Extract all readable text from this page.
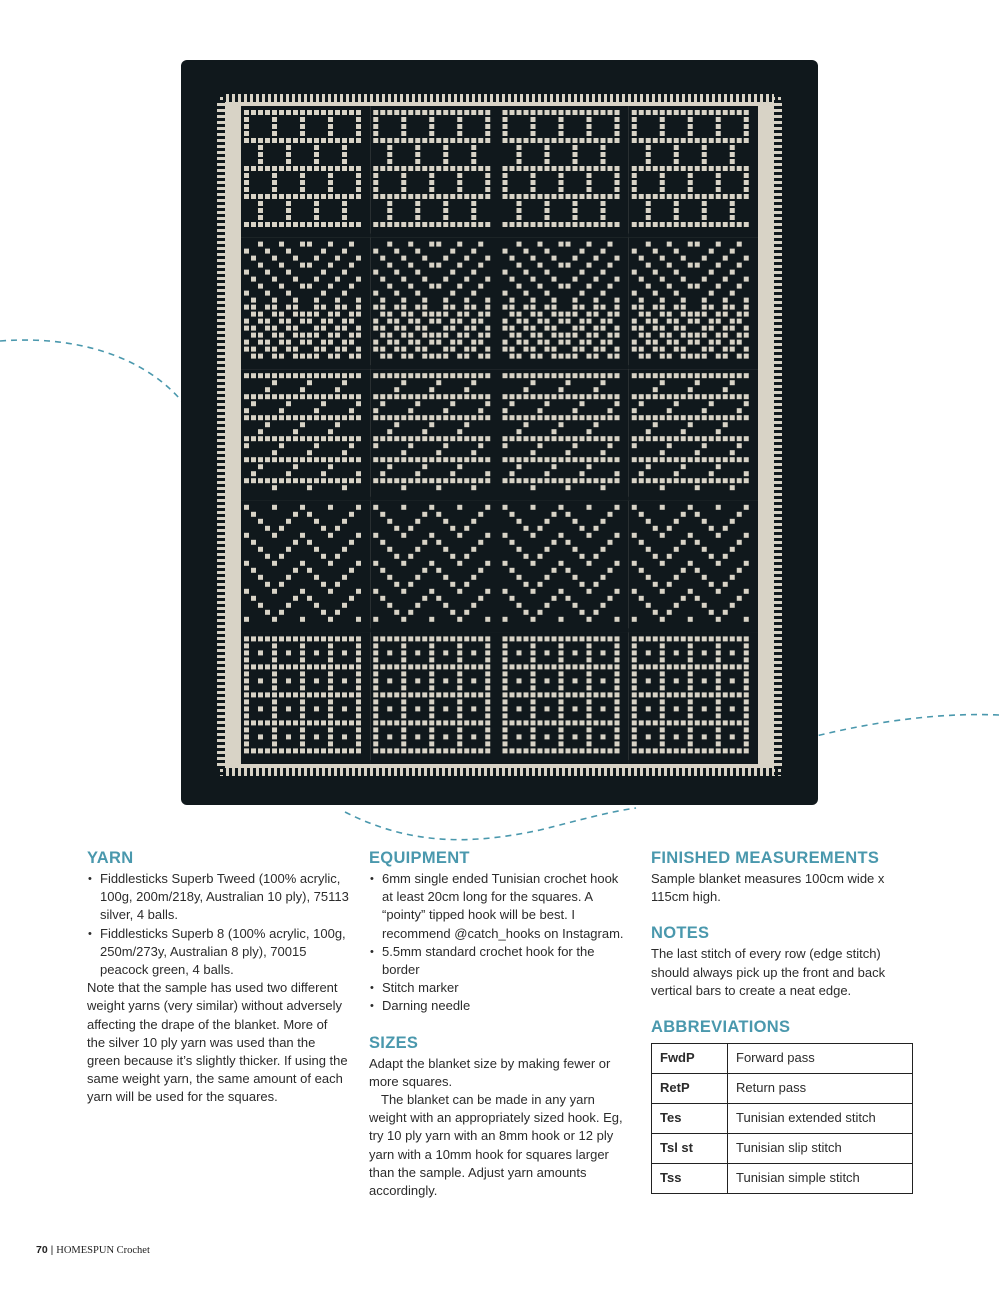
YARN
• Fiddlesticks Superb Tweed (100% acrylic, 100g, 200m/218y, Australian 10 ply), 75113 silver, 4 balls.
• Fiddlesticks Superb 8 (100% acrylic, 100g, 250m/273y, Australian 8 ply), 70015 peacock green, 4 balls.

Note that the sample has used two different weight yarns (very similar) without adversely affecting the drape of the blanket. More of the silver 10 ply yarn was used than the green because it’s slightly thicker. If using the same weight yarn, the same amount of each yarn will be used for the squares.

EQUIPMENT
• 6mm single ended Tunisian crochet hook at least 20cm long for the squares. A “pointy” tipped hook will be best. I recommend @catch_hooks on Instagram.
• 5.5mm standard crochet hook for the border
• Stitch marker
• Darning needle
SIZES

Adapt the blanket size by making fewer or more squares.

The blanket can be made in any yarn weight with an appropriately sized hook. Eg, try 10 ply yarn with an 8mm hook or 12 ply yarn with a 10mm hook for squares larger than the sample. Adjust yarn amounts accordingly.

FINISHED MEASUREMENTS

Sample blanket measures 100cm wide x 115cm high.

NOTES

The last stitch of every row (edge stitch) should always pick up the front and back vertical bars to create a neat edge.

ABBREVIATIONS
FwdP	Forward pass
RetP	Return pass
Tes	Tunisian extended stitch
Tsl st	Tunisian slip stitch
Tss	Tunisian simple stitch
70 | HOMESPUN Crochet
